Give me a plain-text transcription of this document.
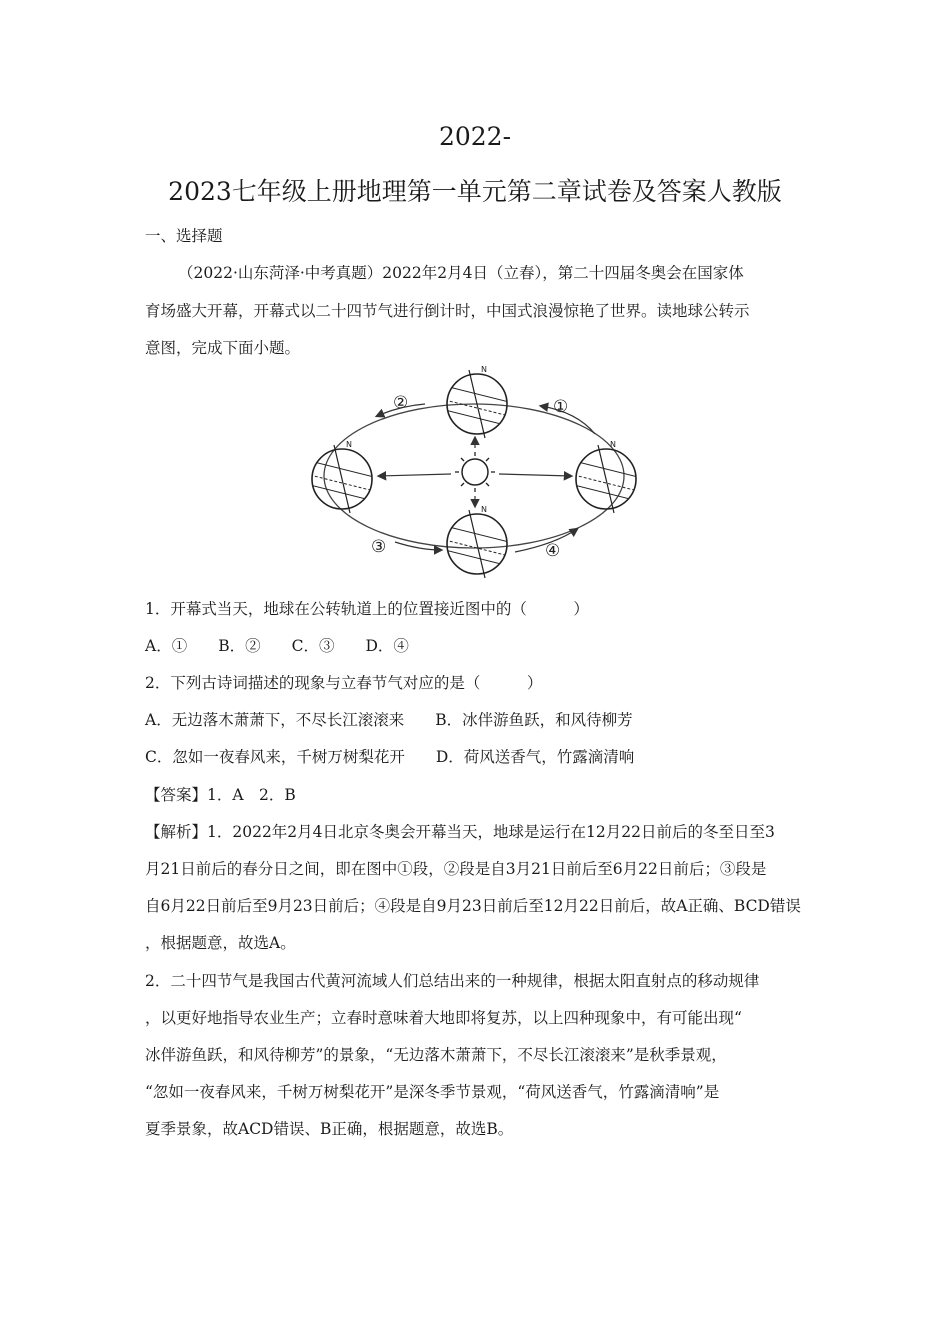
2022-
2023七年级上册地理第一单元第二章试卷及答案人教版
一、选择题
（2022·山东菏泽·中考真题）2022年2月4日（立春），第二十四届冬奥会在国家体
育场盛大开幕，开幕式以二十四节气进行倒计时，中国式浪漫惊艳了世界。读地球公转示
意图，完成下面小题。
N
N	N
N
①
②
③	④
1．开幕式当天，地球在公转轨道上的位置接近图中的（　　　）
A．①　　B．②　　C．③　　D．④
2．下列古诗词描述的现象与立春节气对应的是（　　　）
A．无边落木萧萧下，不尽长江滚滚来　　B．冰伴游鱼跃，和风待柳芳
C．忽如一夜春风来，千树万树梨花开　　D．荷风送香气，竹露滴清响
【答案】1．A　2．B
【解析】1．2022年2月4日北京冬奥会开幕当天，地球是运行在12月22日前后的冬至日至3
月21日前后的春分日之间，即在图中①段，②段是自3月21日前后至6月22日前后；③段是
自6月22日前后至9月23日前后；④段是自9月23日前后至12月22日前后，故A正确、BCD错误
，根据题意，故选A。
2．二十四节气是我国古代黄河流域人们总结出来的一种规律，根据太阳直射点的移动规律
，以更好地指导农业生产；立春时意味着大地即将复苏，以上四种现象中，有可能出现“
冰伴游鱼跃，和风待柳芳”的景象，“无边落木萧萧下，不尽长江滚滚来”是秋季景观，
“忽如一夜春风来，千树万树梨花开”是深冬季节景观，“荷风送香气，竹露滴清响”是
夏季景象，故ACD错误、B正确，根据题意，故选B。
